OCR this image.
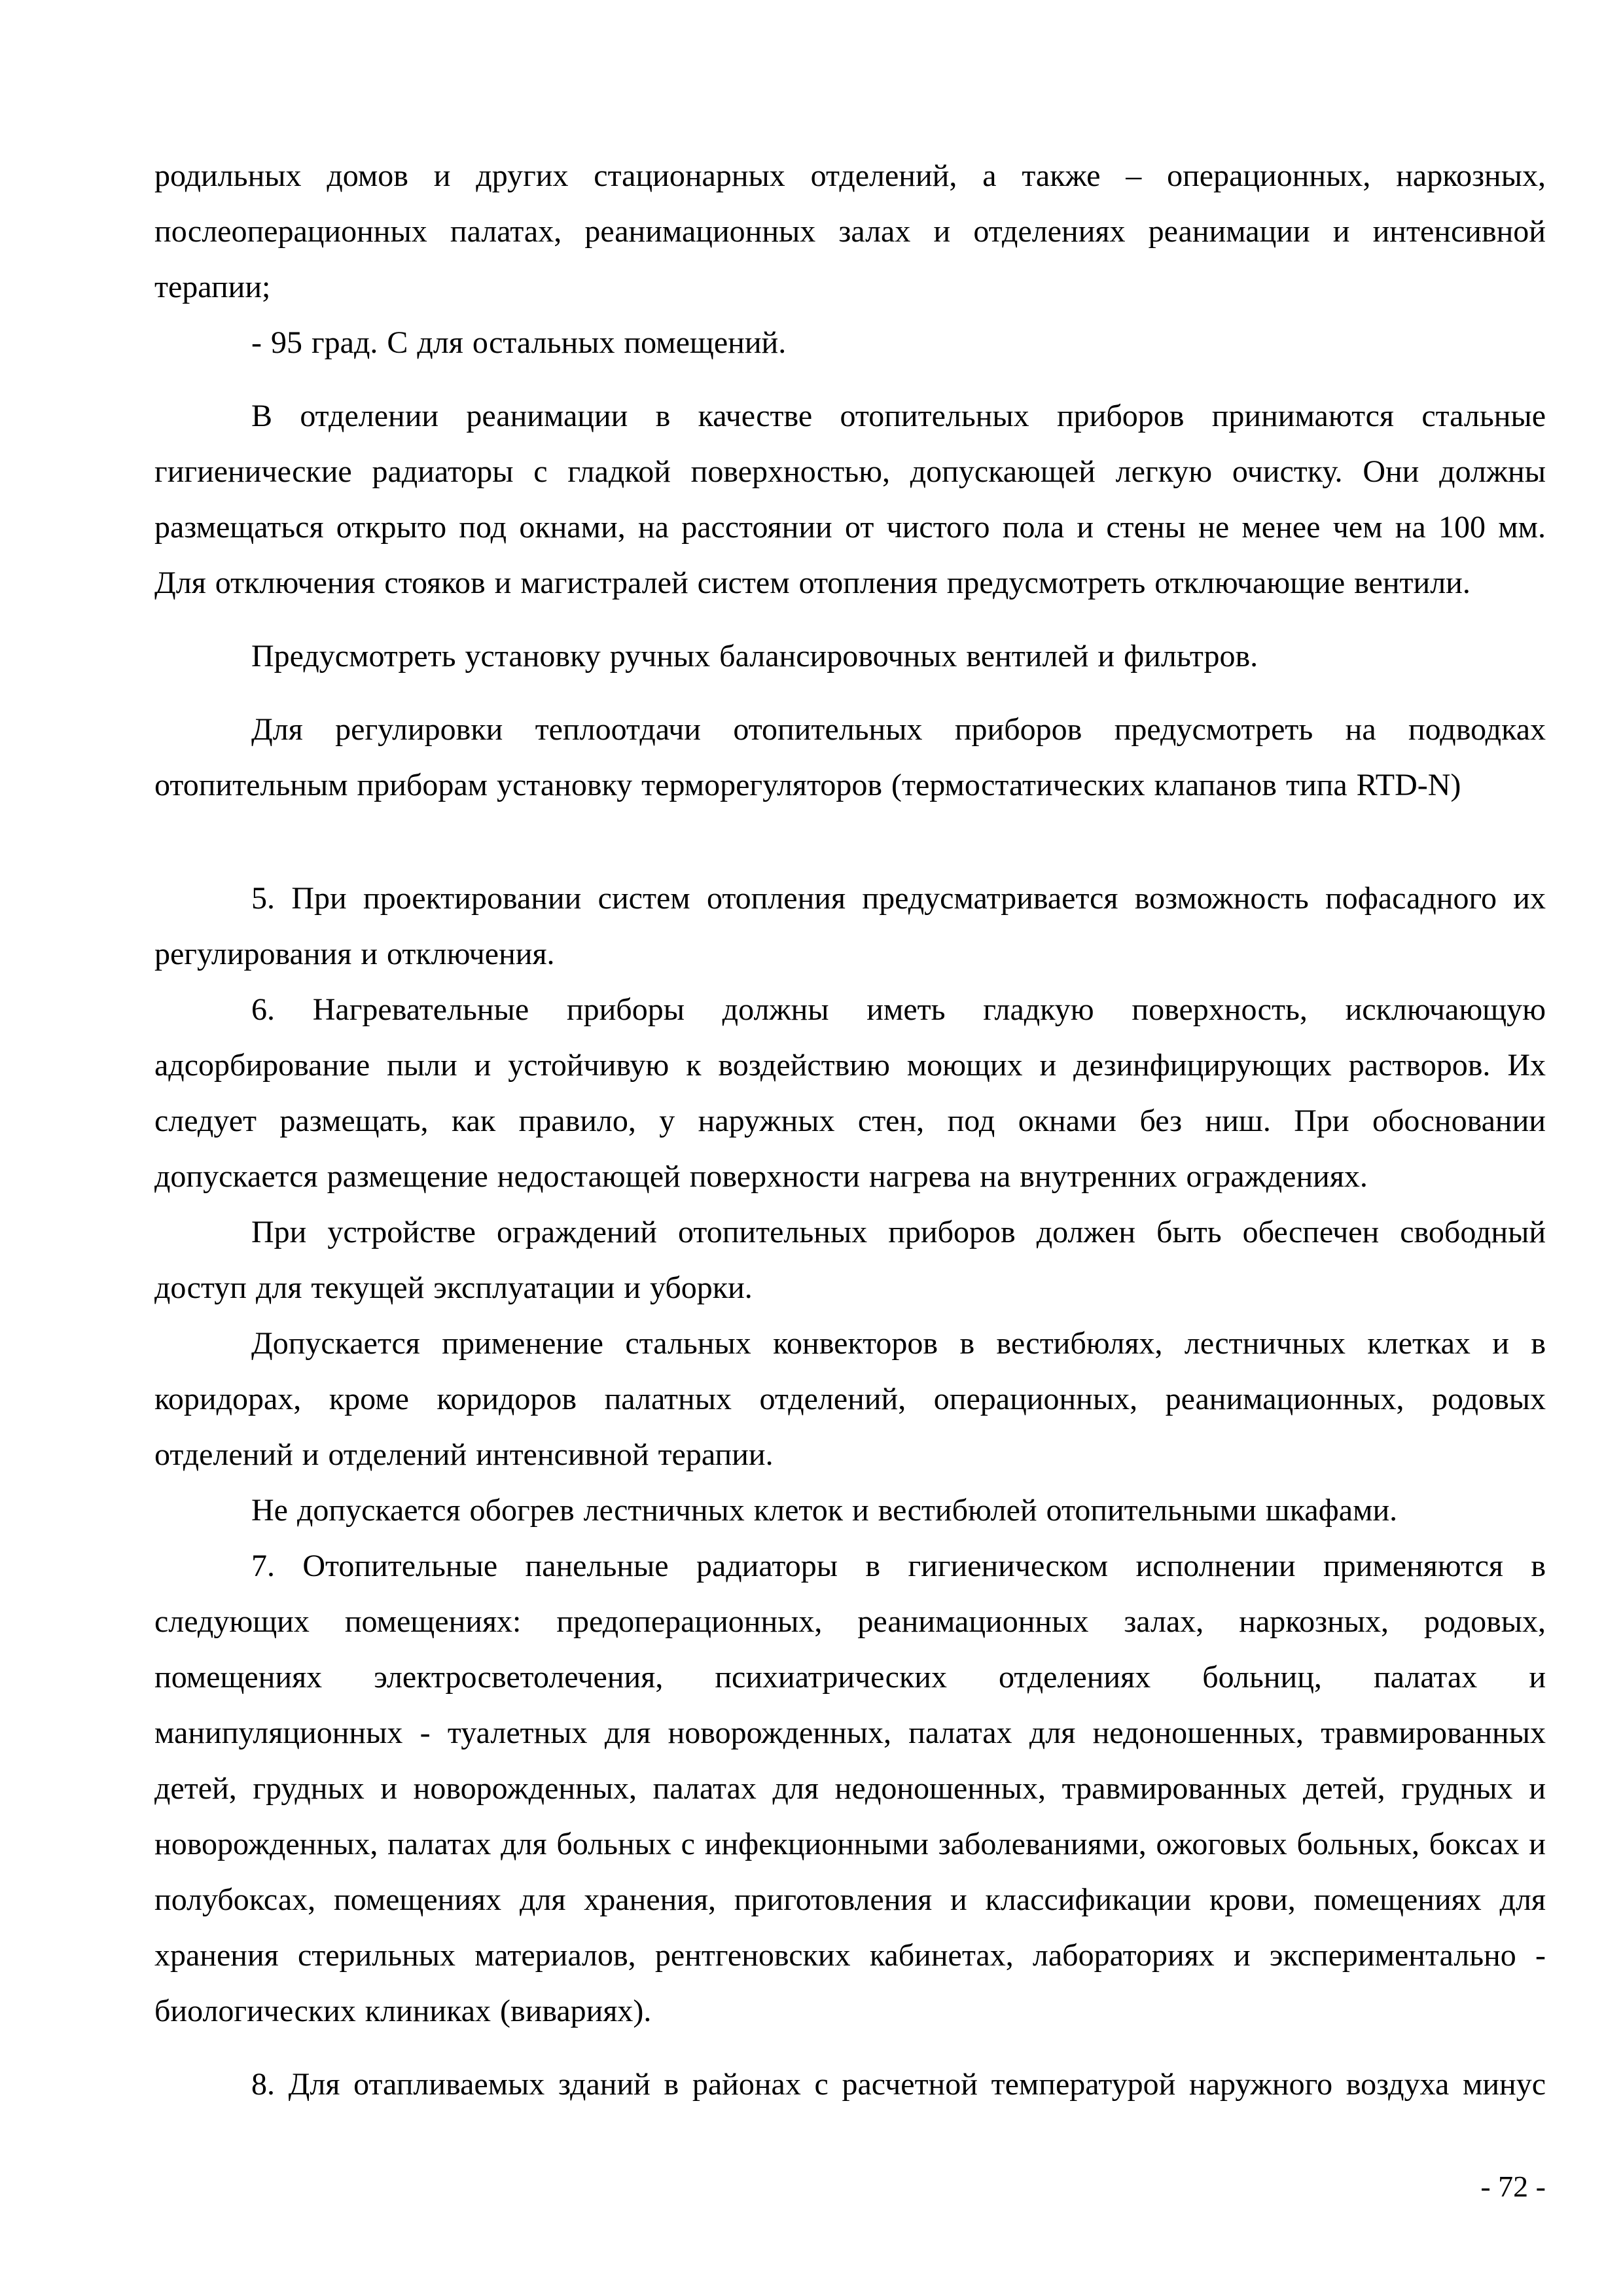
родильных домов и других стационарных отделений, а также – операционных, наркозных, послеоперационных палатах, реанимационных залах и отделениях реанимации и интенсивной терапии;

- 95 град. С для остальных помещений.

В отделении реанимации в качестве отопительных приборов принимаются стальные гигиенические радиаторы с гладкой поверхностью, допускающей легкую очистку. Они должны размещаться открыто под окнами, на расстоянии от чистого пола и стены не менее чем на 100 мм. Для отключения стояков и магистралей систем отопления предусмотреть отключающие вентили.

Предусмотреть установку ручных балансировочных вентилей и фильтров.

Для регулировки теплоотдачи отопительных приборов предусмотреть на подводках отопительным приборам установку терморегуляторов (термостатических клапанов типа RTD-N)

5. При проектировании систем отопления предусматривается возможность пофасадного их регулирования и отключения.

6. Нагревательные приборы должны иметь гладкую поверхность, исключающую адсорбирование пыли и устойчивую к воздействию моющих и дезинфицирующих растворов. Их следует размещать, как правило, у наружных стен, под окнами без ниш. При обосновании допускается размещение недостающей поверхности нагрева на внутренних ограждениях.

При устройстве ограждений отопительных приборов должен быть обеспечен свободный доступ для текущей эксплуатации и уборки.

Допускается применение стальных конвекторов в вестибюлях, лестничных клетках и в коридорах, кроме коридоров палатных отделений, операционных, реанимационных, родовых отделений и отделений интенсивной терапии.

Не допускается обогрев лестничных клеток и вестибюлей отопительными шкафами.

7. Отопительные панельные радиаторы в гигиеническом исполнении применяются в следующих помещениях: предоперационных, реанимационных залах, наркозных, родовых, помещениях электросветолечения, психиатрических отделениях больниц, палатах и манипуляционных - туалетных для новорожденных, палатах для недоношенных, травмированных детей, грудных и новорожденных, палатах для недоношенных, травмированных детей, грудных и новорожденных, палатах для больных с инфекционными заболеваниями, ожоговых больных, боксах и полубоксах, помещениях для хранения, приготовления и классификации крови, помещениях для хранения стерильных материалов, рентгеновских кабинетах, лабораториях и экспериментально - биологических клиниках (вивариях).

8. Для отапливаемых зданий в районах с расчетной температурой наружного воздуха минус

- 72 -
